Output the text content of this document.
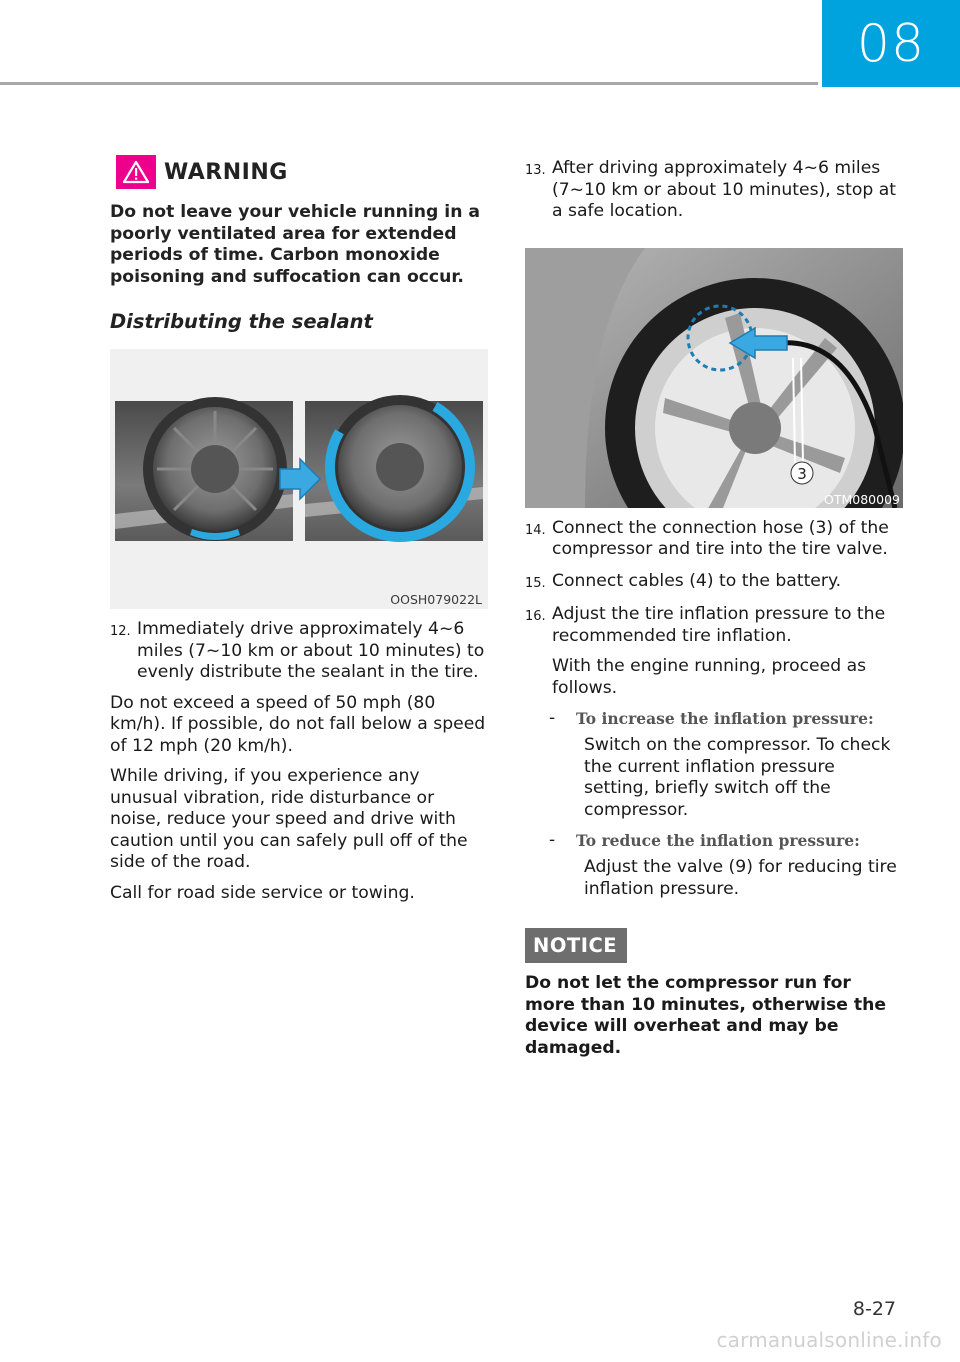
08
WARNING
Do not leave your vehicle running in a poorly ventilated area for extended periods of time. Carbon monoxide poisoning and suffocation can occur.
Distributing the sealant
OOSH079022L
12. Immediately drive approximately 4~6 miles (7~10 km or about 10 minutes) to evenly distribute the sealant in the tire.
Do not exceed a speed of 50 mph (80 km/h). If possible, do not fall below a speed of 12 mph (20 km/h).
While driving, if you experience any unusual vibration, ride disturbance or noise, reduce your speed and drive with caution until you can safely pull off of the side of the road.
Call for road side service or towing.
13. After driving approximately 4~6 miles (7~10 km or about 10 minutes), stop at a safe location.
3
OTM080009
14. Connect the connection hose (3) of the compressor and tire into the tire valve.
15. Connect cables (4) to the battery.
16. Adjust the tire inflation pressure to the recommended tire inflation.
With the engine running, proceed as follows.
-	To increase the inflation pressure:
Switch on the compressor. To check the current inflation pressure setting, briefly switch off the compressor.
-	To reduce the inflation pressure:
Adjust the valve (9) for reducing tire inflation pressure.
NOTICE
Do not let the compressor run for more than 10 minutes, otherwise the device will overheat and may be damaged.
8-27
carmanualsonline.info
